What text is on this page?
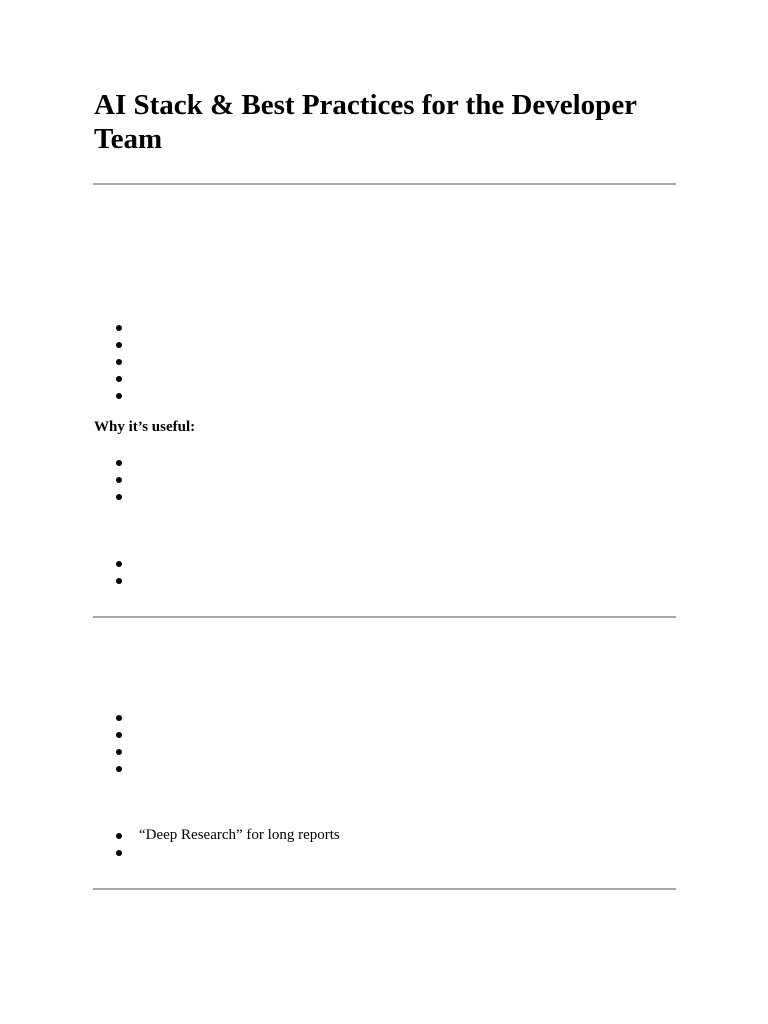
AI Stack & Best Practices for the Developer Team

Why it’s useful:

“Deep Research” for long reports
